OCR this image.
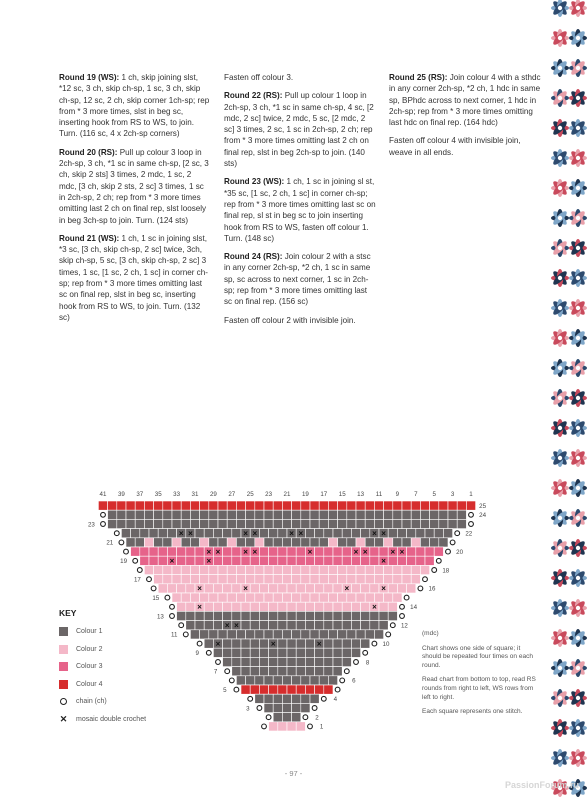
Round 19 (WS): 1 ch, skip joining slst, *12 sc, 3 ch, skip ch-sp, 1 sc, 3 ch, skip ch-sp, 12 sc, 2 ch, skip corner 1ch-sp; rep from * 3 more times, slst in beg sc, inserting hook from RS to WS, to join. Turn. (116 sc, 4 x 2ch-sp corners)

Round 20 (RS): Pull up colour 3 loop in 2ch-sp, 3 ch, *1 sc in same ch-sp, [2 sc, 3 ch, skip 2 sts] 3 times, 2 mdc, 1 sc, 2 mdc, [3 ch, skip 2 sts, 2 sc] 3 times, 1 sc in 2ch-sp, 2 ch; rep from * 3 more times omitting last 2 ch on final rep, slst loosely in beg 3ch-sp to join. Turn. (124 sts)

Round 21 (WS): 1 ch, 1 sc in joining slst, *3 sc, [3 ch, skip ch-sp, 2 sc] twice, 3ch, skip ch-sp, 5 sc, [3 ch, skip ch-sp, 2 sc] 3 times, 1 sc, [1 sc, 2 ch, 1 sc] in corner ch-sp; rep from * 3 more times omitting last sc on final rep, slst in beg sc, inserting hook from RS to WS, to join. Turn. (132 sc)

Fasten off colour 3.

Round 22 (RS): Pull up colour 1 loop in 2ch-sp, 3 ch, *1 sc in same ch-sp, 4 sc, [2 mdc, 2 sc] twice, 2 mdc, 5 sc, [2 mdc, 2 sc] 3 times, 2 sc, 1 sc in 2ch-sp, 2 ch; rep from * 3 more times omitting last 2 ch on final rep, slst in beg 2ch-sp to join. (140 sts)

Round 23 (WS): 1 ch, 1 sc in joining sl st, *35 sc, [1 sc, 2 ch, 1 sc] in corner ch-sp; rep from * 3 more times omitting last sc on final rep, sl st in beg sc to join inserting hook from RS to WS, fasten off colour 1. Turn. (148 sc)

Round 24 (RS): Join colour 2 with a stsc in any corner 2ch-sp, *2 ch, 1 sc in same sp, sc across to next corner, 1 sc in 2ch-sp; rep from * 3 more times omitting last sc on final rep. (156 sc)

Fasten off colour 2 with invisible join.

Round 25 (RS): Join colour 4 with a sthdc in any corner 2ch-sp, *2 ch, 1 hdc in same sp, BPhdc across to next corner, 1 hdc in 2ch-sp; rep from * 3 more times omitting last hdc on final rep. (164 hdc)

Fasten off colour 4 with invisible join, weave in all ends.

41 39 37 35 33 31 29 27 25 23 21 19 17 15 13 11 9 7 5 3 1
25
24
23
× ×	× ×	× ×	× ×	22
21
× ×	× ×	×	× ×	× ×	20
×	×	×
19
18
17
×	×	×	×	16
15
×	×	14
13
× ×	12
11
×	×	×	10
9
8
7
6
5
4
3
2
1
KEY
Colour 1
Colour 2
Colour 3
Colour 4
chain (ch)
✕ mosaic double crochet

(mdc)

Chart shows one side of square; it should be repeated four times on each round.

Read chart from bottom to top, read RS rounds from right to left, WS rows from left to right.

Each square represents one stitch.

- 97 -
PassionForum.ru
